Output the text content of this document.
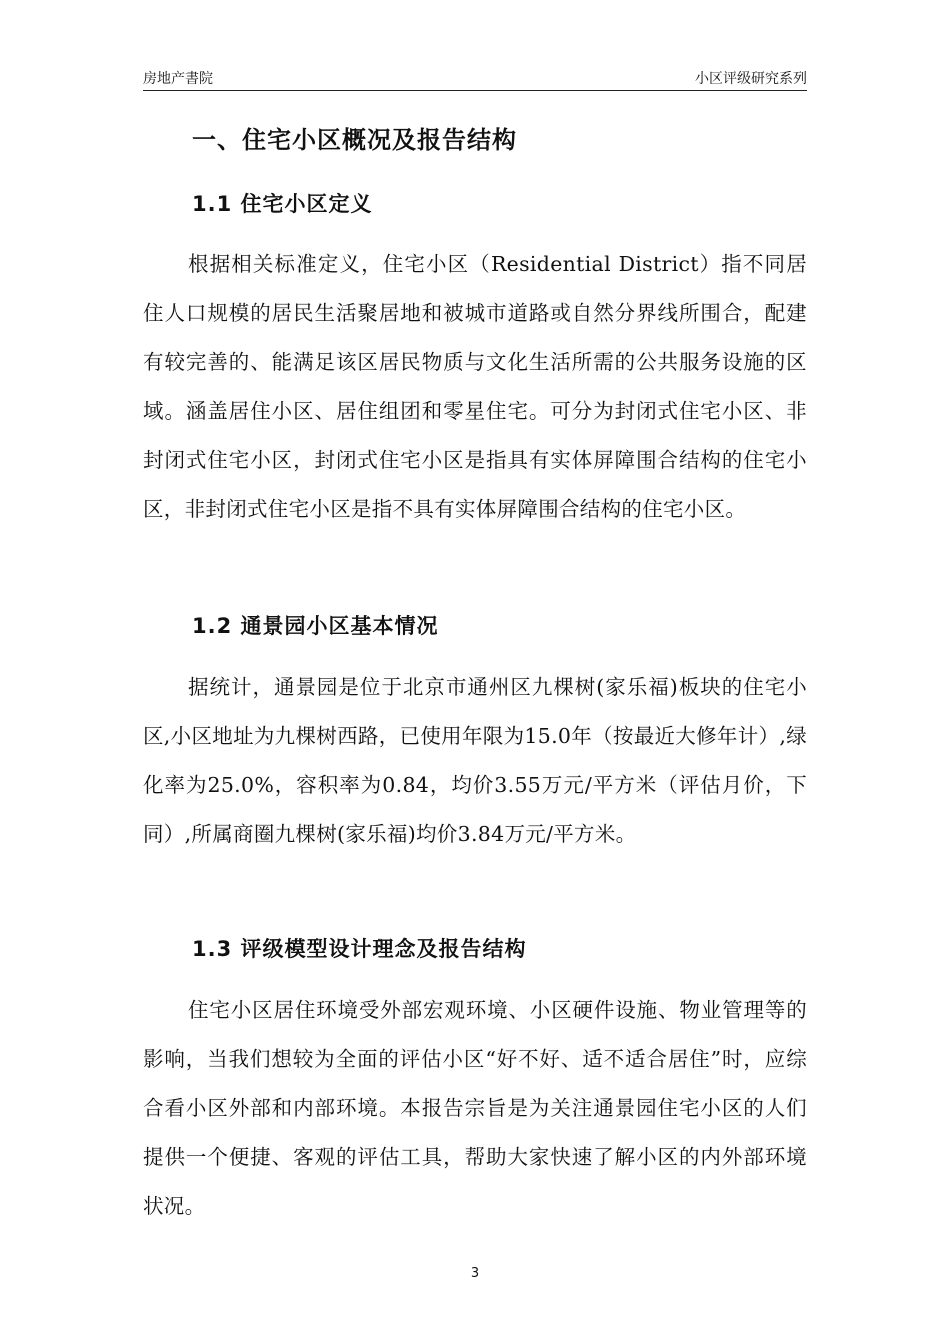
房地产書院	小区评级研究系列
一、住宅小区概况及报告结构
1.1 住宅小区定义
根据相关标准定义，住宅小区（Residential District）指不同居住人口规模的居民生活聚居地和被城市道路或自然分界线所围合，配建有较完善的、能满足该区居民物质与文化生活所需的公共服务设施的区域。涵盖居住小区、居住组团和零星住宅。可分为封闭式住宅小区、非封闭式住宅小区，封闭式住宅小区是指具有实体屏障围合结构的住宅小区，非封闭式住宅小区是指不具有实体屏障围合结构的住宅小区。
1.2 通景园小区基本情况
据统计，通景园是位于北京市通州区九棵树(家乐福)板块的住宅小区,小区地址为九棵树西路，已使用年限为15.0年（按最近大修年计）,绿化率为25.0%，容积率为0.84，均价3.55万元/平方米（评估月价，下同）,所属商圈九棵树(家乐福)均价3.84万元/平方米。
1.3 评级模型设计理念及报告结构
住宅小区居住环境受外部宏观环境、小区硬件设施、物业管理等的影响，当我们想较为全面的评估小区“好不好、适不适合居住”时，应综合看小区外部和内部环境。本报告宗旨是为关注通景园住宅小区的人们提供一个便捷、客观的评估工具，帮助大家快速了解小区的内外部环境状况。
3
